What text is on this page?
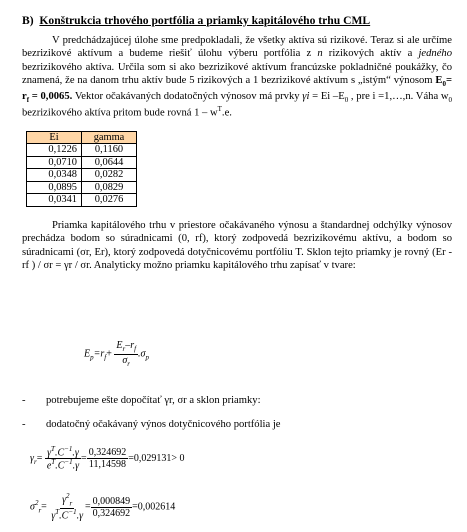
B) Konštrukcia trhového portfólia a priamky kapitálového trhu CML

V predchádzajúcej úlohe sme predpokladali, že všetky aktíva sú rizikové. Teraz si ale určíme bezrizikové aktívum a budeme riešiť úlohu výberu portfólia z n rizikových aktív a jedného bezrizikového aktíva. Určila som si ako bezrizikové aktívum francúzske pokladničné poukážky, čo znamená, že na danom trhu aktív bude 5 rizikových a 1 bezrizikové aktívum s „istým“ výnosom $E_0= r_f = 0,0065$. Vektor očakávaných dodatočných výnosov má prvky γi = Ei $-E_0$ , pre i =1,…,n. Váha $w_0$ bezrizikového aktíva pritom bude rovná $1 - w^T.e$.

Ei	gamma
0,1226	0,1160
0,0710	0,0644
0,0348	0,0282
0,0895	0,0829
0,0341	0,0276

Priamka kapitálového trhu v priestore očakávaného výnosu a štandardnej odchýlky výnosov prechádza bodom so súradnicami (0, rf), ktorý zodpovedá bezrizikovému aktívu, a bodom so súradnicami (σr, Er), ktorý zodpovedá dotyčnicovému portfóliu T. Sklon tejto priamky je rovný (Er - rf ) / σr = γr / σr. Analyticky možno priamku kapitálového trhu zapísať v tvare:

$E_p=r_f+ \frac{E_r-r_f}{\sigma_r} .\sigma_p$
-	potrebujeme ešte dopočítať γr, σr a sklon priamky:
-	dodatočný očakávaný výnos dotyčnicového portfólia je
$\gamma_r= \frac{\gamma^T.C^{-1}.\gamma}{e^T.C^{-1}.\gamma} = \frac{0,324692}{11,14598} =0,029131> 0$
$\sigma^2_r= \frac{\gamma^2_r}{\gamma^T.C^{-1}.\gamma} = \frac{0,000849}{0,324692} =0,002614$
